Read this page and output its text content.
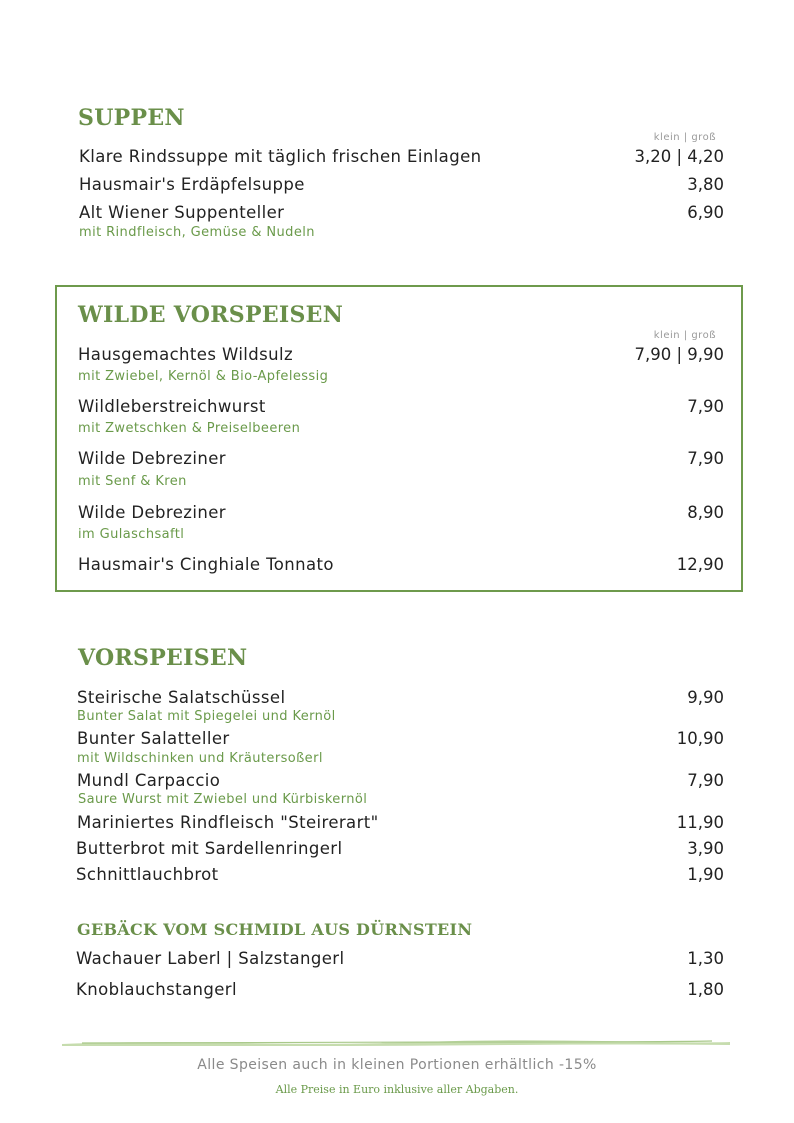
SUPPEN
klein | groß
Klare Rindssuppe mit täglich frischen Einlagen	3,20 | 4,20
Hausmair's Erdäpfelsuppe	3,80
Alt Wiener Suppenteller	6,90
mit Rindfleisch, Gemüse & Nudeln
WILDE VORSPEISEN
klein | groß
Hausgemachtes Wildsulz	7,90 | 9,90
mit Zwiebel, Kernöl & Bio-Apfelessig
Wildleberstreichwurst	7,90
mit Zwetschken & Preiselbeeren
Wilde Debreziner	7,90
mit Senf & Kren
Wilde Debreziner	8,90
im Gulaschsaftl
Hausmair's Cinghiale Tonnato	12,90
VORSPEISEN
Steirische Salatschüssel	9,90
Bunter Salat mit Spiegelei und Kernöl
Bunter Salatteller	10,90
mit Wildschinken und Kräutersoßerl
Mundl Carpaccio	7,90
Saure Wurst mit Zwiebel und Kürbiskernöl
Mariniertes Rindfleisch "Steirerart"	11,90
Butterbrot mit Sardellenringerl	3,90
Schnittlauchbrot	1,90
GEBÄCK VOM SCHMIDL AUS DÜRNSTEIN
Wachauer Laberl | Salzstangerl	1,30
Knoblauchstangerl	1,80
Alle Speisen auch in kleinen Portionen erhältlich -15%
Alle Preise in Euro inklusive aller Abgaben.
